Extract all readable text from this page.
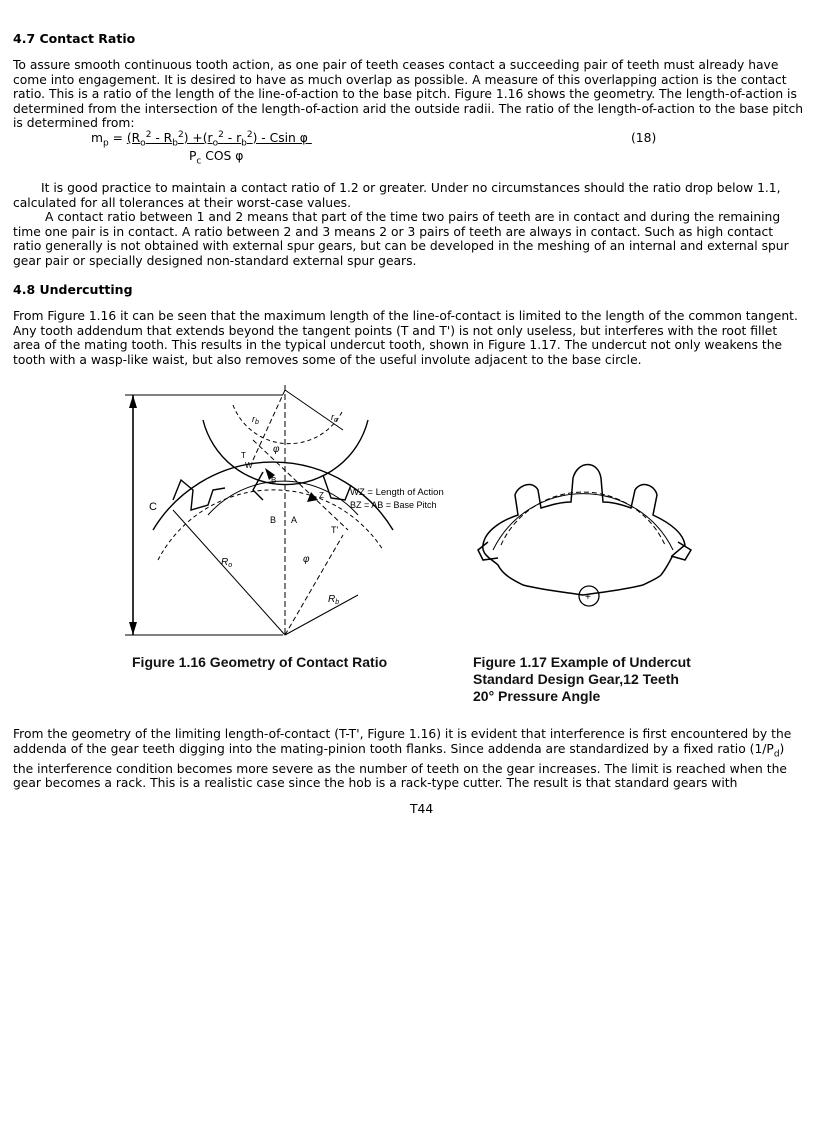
4.7 Contact Ratio

To assure smooth continuous tooth action, as one pair of teeth ceases contact a succeeding pair of teeth must already have come into engagement. It is desired to have as much overlap as possible. A measure of this overlapping action is the contact ratio. This is a ratio of the length of the line-of-action to the base pitch. Figure 1.16 shows the geometry. The length-of-action is determined from the intersection of the length-of-action arid the outside radii. The ratio of the length-of-action to the base pitch is determined from:

$m_p = (R_o^2 - R_b^2) +(r_o^2 - r_b^2) - Csin$ φ
$P_c$ COS φ
(18)

It is good practice to maintain a contact ratio of 1.2 or greater. Under no circumstances should the ratio drop below 1.1, calculated for all tolerances at their worst-case values.

A contact ratio between 1 and 2 means that part of the time two pairs of teeth are in contact and during the remaining time one pair is in contact. A ratio between 2 and 3 means 2 or 3 pairs of teeth are always in contact. Such as high contact ratio generally is not obtained with external spur gears, but can be developed in the meshing of an internal and external spur gear pair or specially designed non-standard external spur gears.

4.8 Undercutting

From Figure 1.16 it can be seen that the maximum length of the line-of-contact is limited to the length of the common tangent. Any tooth addendum that extends beyond the tangent points (T and T') is not only useless, but interferes with the root fillet area of the mating tooth. This results in the typical undercut tooth, shown in Figure 1.17. The undercut not only weakens the tooth with a wasp-like waist, but also removes some of the useful involute adjacent to the base circle.

C
$r_b$
$r_o$
φ
T
W
B
Z
B A
T'
$R_o$
φ
$R_b$
WZ = Length of Action
BZ = AB = Base Pitch
Figure 1.16 Geometry of Contact Ratio
+
Figure 1.17 Example of Undercut
Standard Design Gear,12 Teeth
20° Pressure Angle

From the geometry of the limiting length-of-contact (T-T', Figure 1.16) it is evident that interference is first encountered by the addenda of the gear teeth digging into the mating-pinion tooth flanks. Since addenda are standardized by a fixed ratio $(1/P_d)$ the interference condition becomes more severe as the number of teeth on the gear increases. The limit is reached when the gear becomes a rack. This is a realistic case since the hob is a rack-type cutter. The result is that standard gears with

T44
